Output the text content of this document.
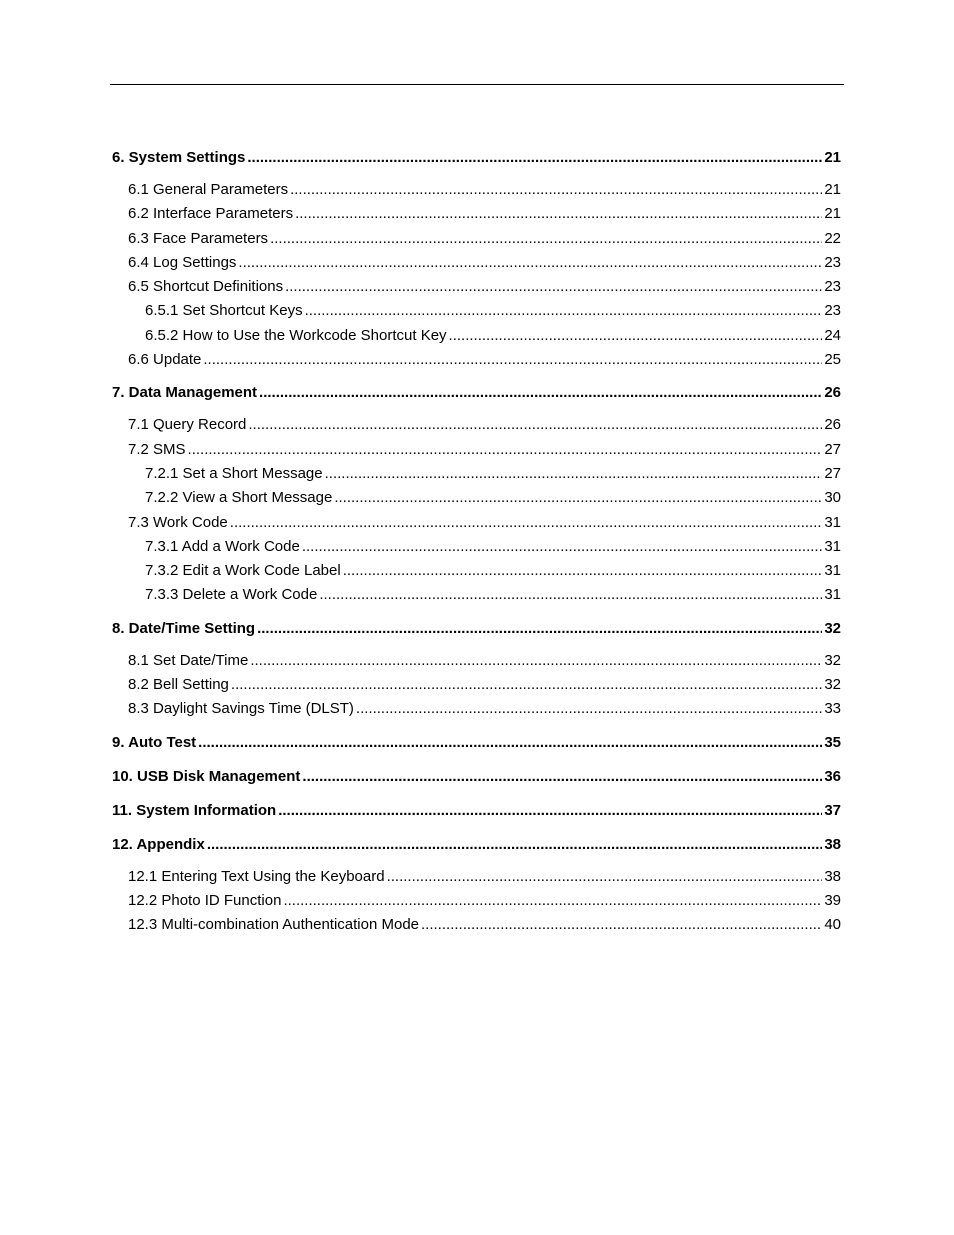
6. System Settings .....	21
6.1 General Parameters .....	21
6.2 Interface Parameters .....	21
6.3 Face Parameters .....	22
6.4 Log Settings .....	23
6.5 Shortcut Definitions .....	23
6.5.1 Set Shortcut Keys .....	23
6.5.2 How to Use the Workcode Shortcut Key .....	24
6.6 Update .....	25
7. Data Management .....	26
7.1 Query Record .....	26
7.2 SMS .....	27
7.2.1 Set a Short Message .....	27
7.2.2 View a Short Message .....	30
7.3 Work Code .....	31
7.3.1 Add a Work Code .....	31
7.3.2 Edit a Work Code Label .....	31
7.3.3 Delete a Work Code .....	31
8. Date/Time Setting .....	32
8.1 Set Date/Time .....	32
8.2 Bell Setting .....	32
8.3 Daylight Savings Time (DLST) .....	33
9. Auto Test .....	35
10. USB Disk Management .....	36
11. System Information .....	37
12. Appendix .....	38
12.1 Entering Text Using the Keyboard .....	38
12.2 Photo ID Function .....	39
12.3 Multi-combination Authentication Mode .....	40
